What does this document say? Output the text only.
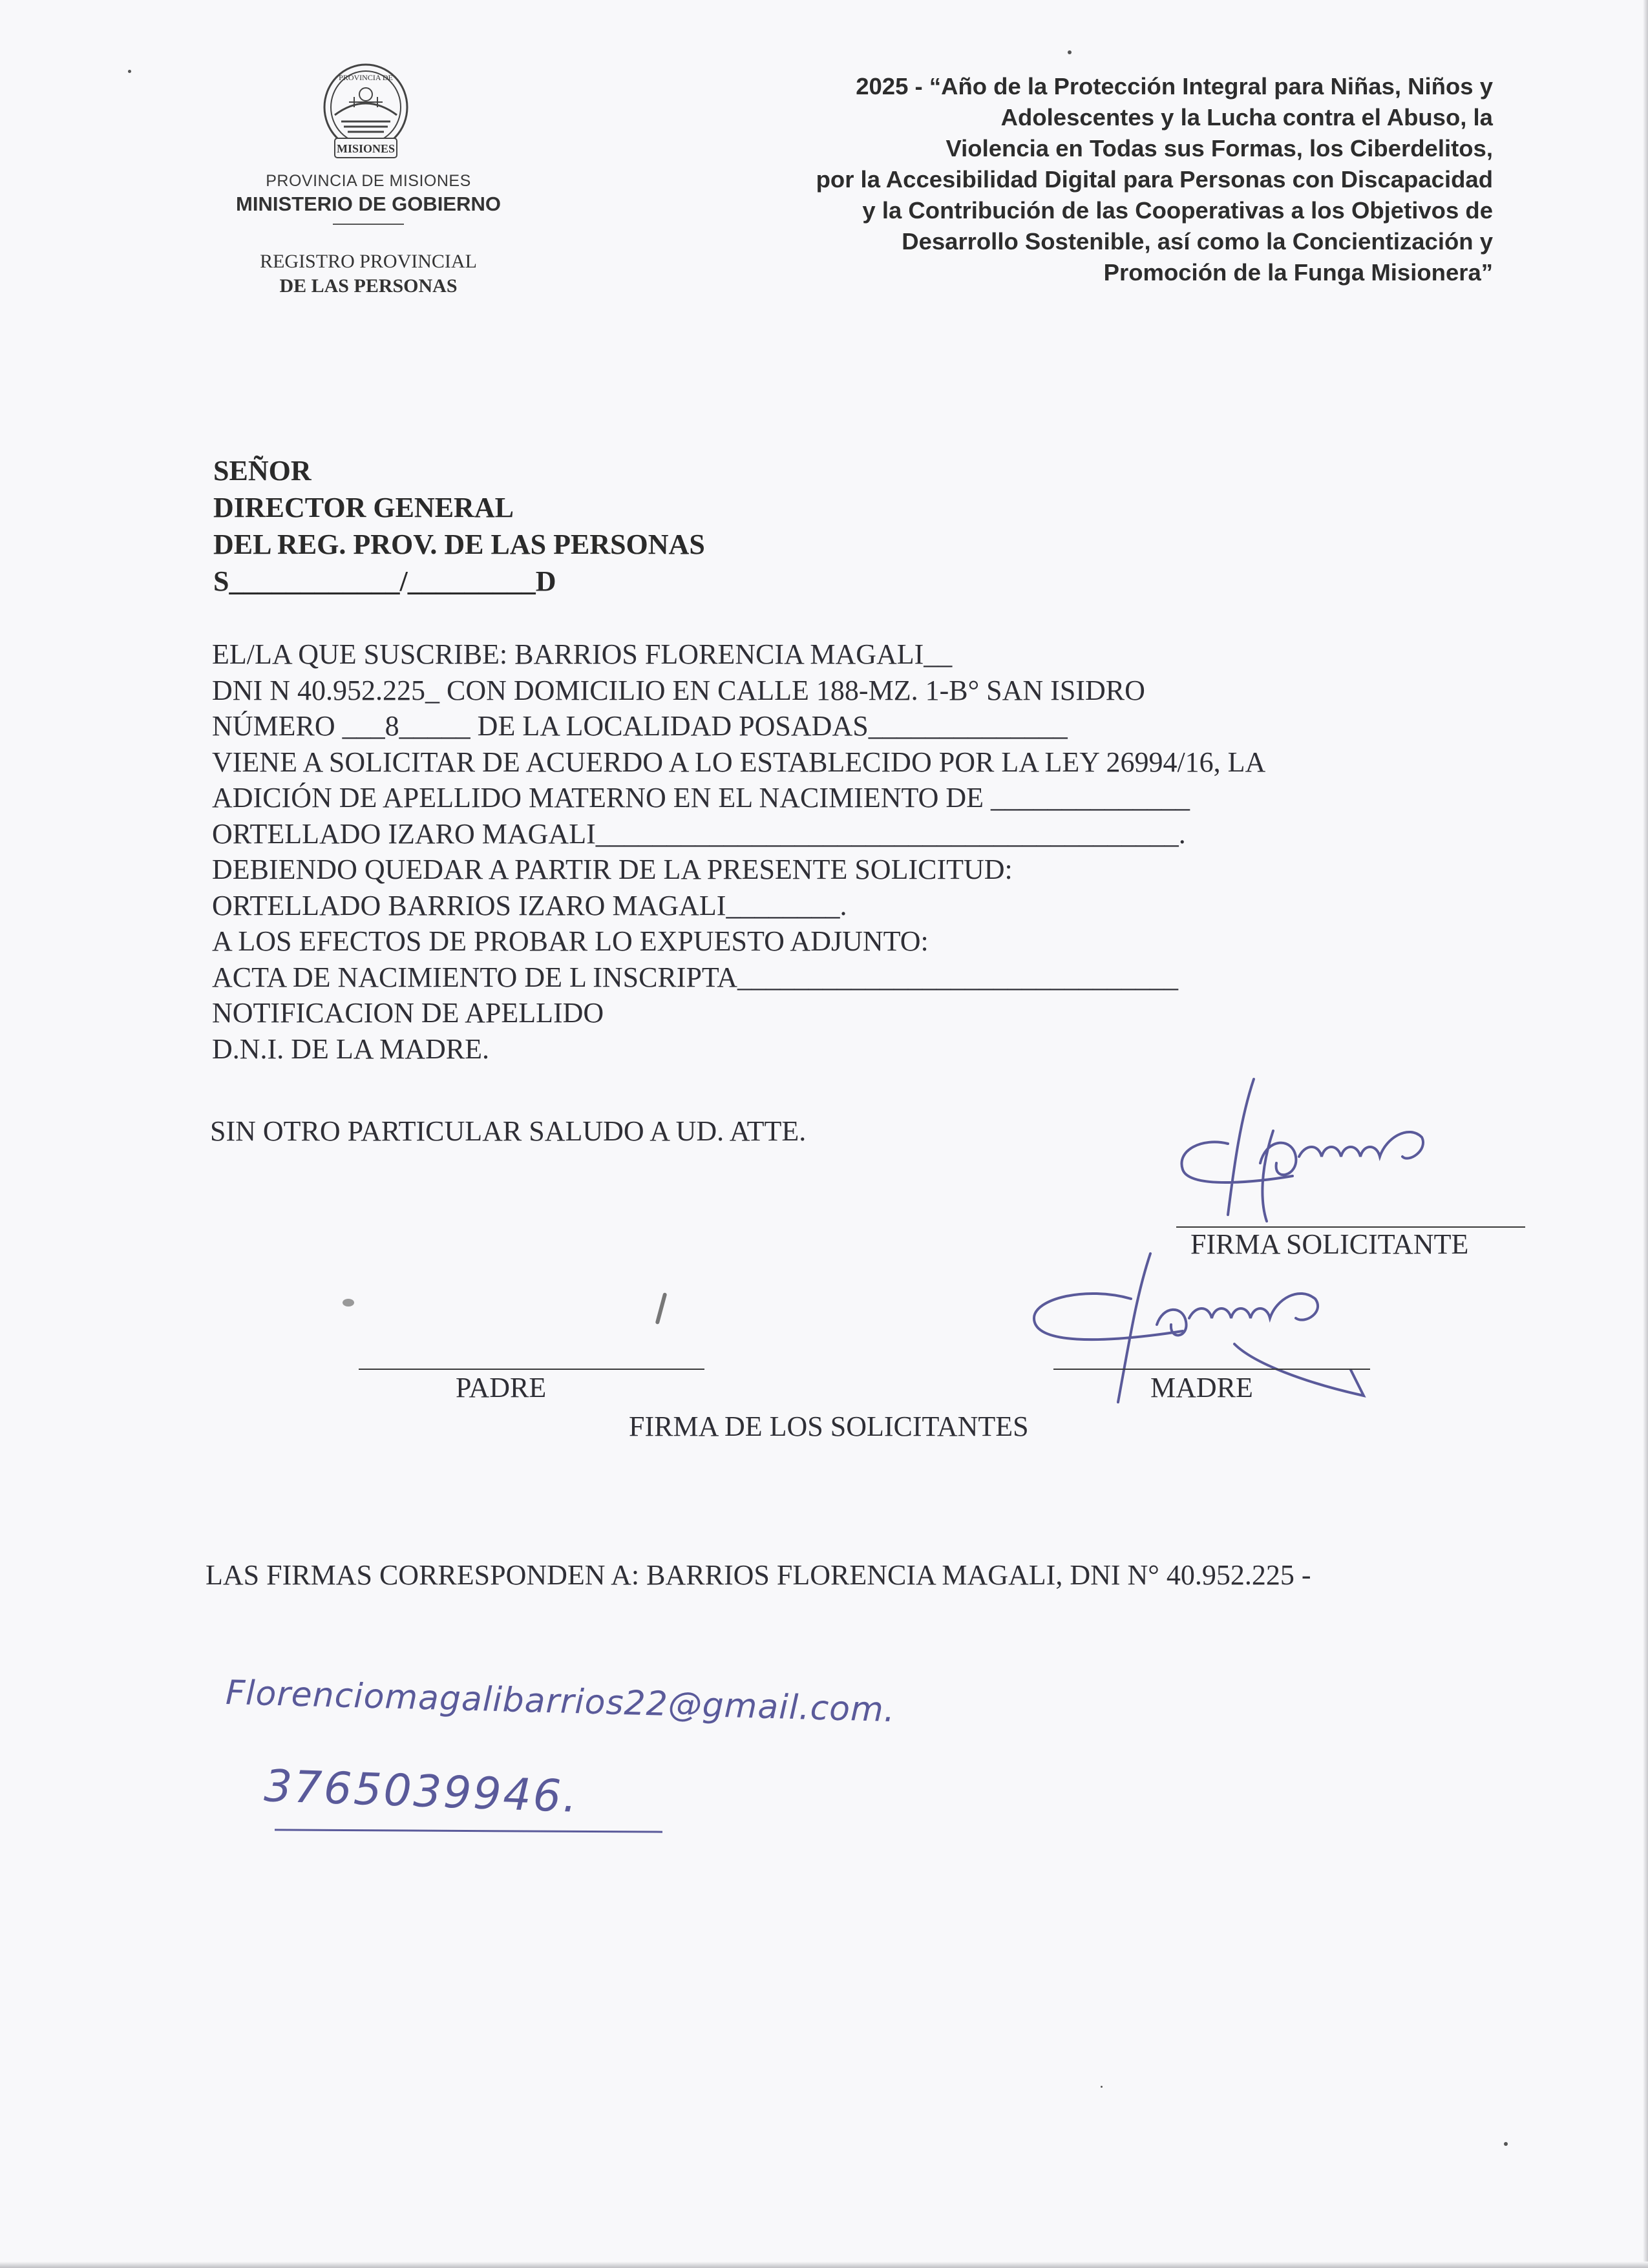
MISIONES
PROVINCIA DE
PROVINCIA DE MISIONES
MINISTERIO DE GOBIERNO
REGISTRO PROVINCIAL
DE LAS PERSONAS
2025 - “Año de la Protección Integral para Niñas, Niños y
Adolescentes y la Lucha contra el Abuso, la
Violencia en Todas sus Formas, los Ciberdelitos,
por la Accesibilidad Digital para Personas con Discapacidad
y la Contribución de las Cooperativas a los Objetivos de
Desarrollo Sostenible, así como la Concientización y
Promoción de la Funga Misionera”
SEÑOR
DIRECTOR GENERAL
DEL REG. PROV. DE LAS PERSONAS
S____________/_________D
EL/LA QUE SUSCRIBE: BARRIOS FLORENCIA MAGALI__
DNI N 40.952.225_ CON DOMICILIO EN CALLE 188-MZ. 1-B° SAN ISIDRO
NÚMERO ___8_____ DE LA LOCALIDAD POSADAS______________
VIENE A SOLICITAR DE ACUERDO A LO ESTABLECIDO POR LA LEY 26994/16, LA
ADICIÓN DE APELLIDO MATERNO EN EL NACIMIENTO DE ______________
ORTELLADO IZARO MAGALI_________________________________________.
DEBIENDO QUEDAR A PARTIR DE LA PRESENTE SOLICITUD:
ORTELLADO BARRIOS IZARO MAGALI________.
A LOS EFECTOS DE PROBAR LO EXPUESTO ADJUNTO:
ACTA DE NACIMIENTO DE L INSCRIPTA_______________________________
NOTIFICACION DE APELLIDO
D.N.I. DE LA MADRE.
SIN OTRO PARTICULAR SALUDO A UD. ATTE.
FIRMA SOLICITANTE
MADRE
PADRE
FIRMA DE LOS SOLICITANTES
LAS FIRMAS CORRESPONDEN A: BARRIOS FLORENCIA MAGALI, DNI N° 40.952.225 -
Florenciomagalibarrios22@gmail.com.
3765039946.
